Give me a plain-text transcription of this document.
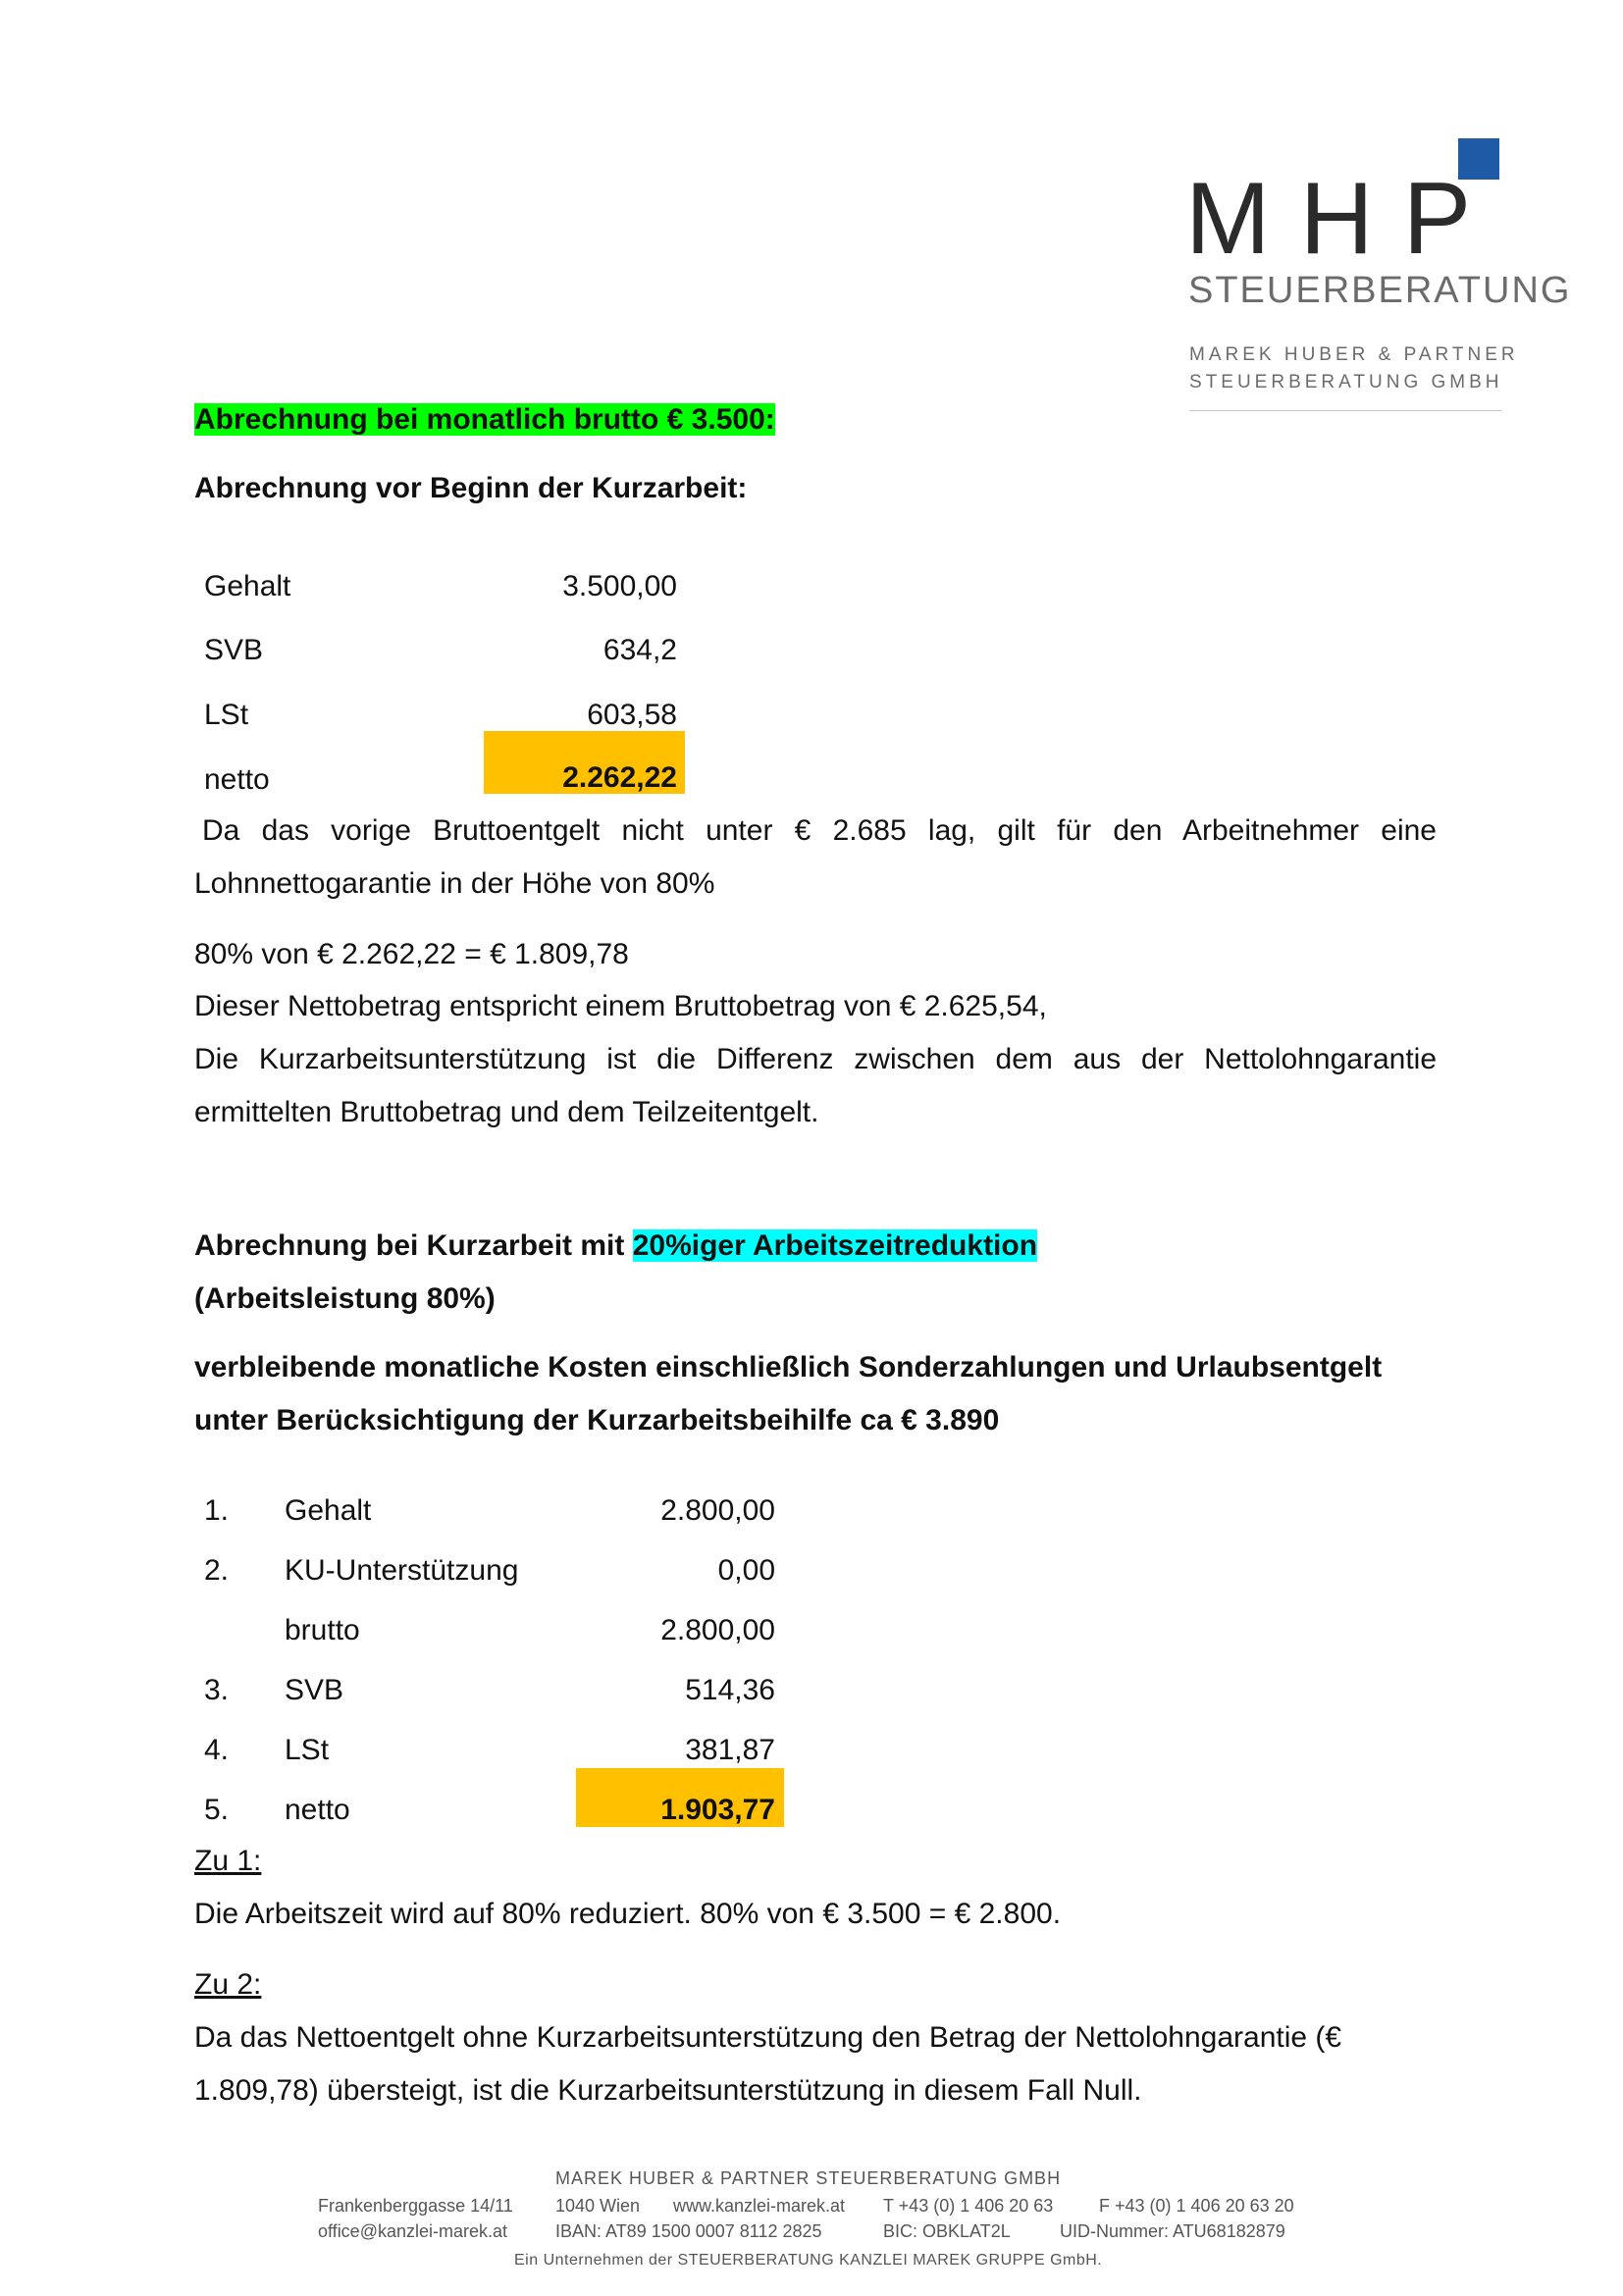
MHP
STEUERBERATUNG
MAREK HUBER & PARTNER
STEUERBERATUNG GMBH
Abrechnung bei monatlich brutto € 3.500:
Abrechnung vor Beginn der Kurzarbeit:
Gehalt	3.500,00
SVB	634,2
LSt	603,58
netto	2.262,22
Da das vorige Bruttoentgelt nicht unter € 2.685 lag, gilt für den Arbeitnehmer eine
Lohnnettogarantie in der Höhe von 80%
80% von € 2.262,22 = € 1.809,78
Dieser Nettobetrag entspricht einem Bruttobetrag von € 2.625,54,
Die Kurzarbeitsunterstützung ist die Differenz zwischen dem aus der Nettolohngarantie
ermittelten Bruttobetrag und dem Teilzeitentgelt.
Abrechnung bei Kurzarbeit mit 20%iger Arbeitszeitreduktion
(Arbeitsleistung 80%)
verbleibende monatliche Kosten einschließlich Sonderzahlungen und Urlaubsentgelt
unter Berücksichtigung der Kurzarbeitsbeihilfe ca € 3.890
1. Gehalt	2.800,00
2. KU-Unterstützung	0,00
brutto	2.800,00
3. SVB	514,36
4. LSt	381,87
5. netto	1.903,77
Zu 1:
Die Arbeitszeit wird auf 80% reduziert. 80% von € 3.500 = € 2.800.
Zu 2:
Da das Nettoentgelt ohne Kurzarbeitsunterstützung den Betrag der Nettolohngarantie (€
1.809,78) übersteigt, ist die Kurzarbeitsunterstützung in diesem Fall Null.
MAREK HUBER & PARTNER STEUERBERATUNG GMBH
Frankenberggasse 14/11 1040 Wien www.kanzlei-marek.at T +43 (0) 1 406 20 63	F +43 (0) 1 406 20 63 20
office@kanzlei-marek.at	IBAN: AT89 1500 0007 8112 2825	BIC: OBKLAT2L	UID-Nummer: ATU68182879
Ein Unternehmen der STEUERBERATUNG KANZLEI MAREK GRUPPE GmbH.
